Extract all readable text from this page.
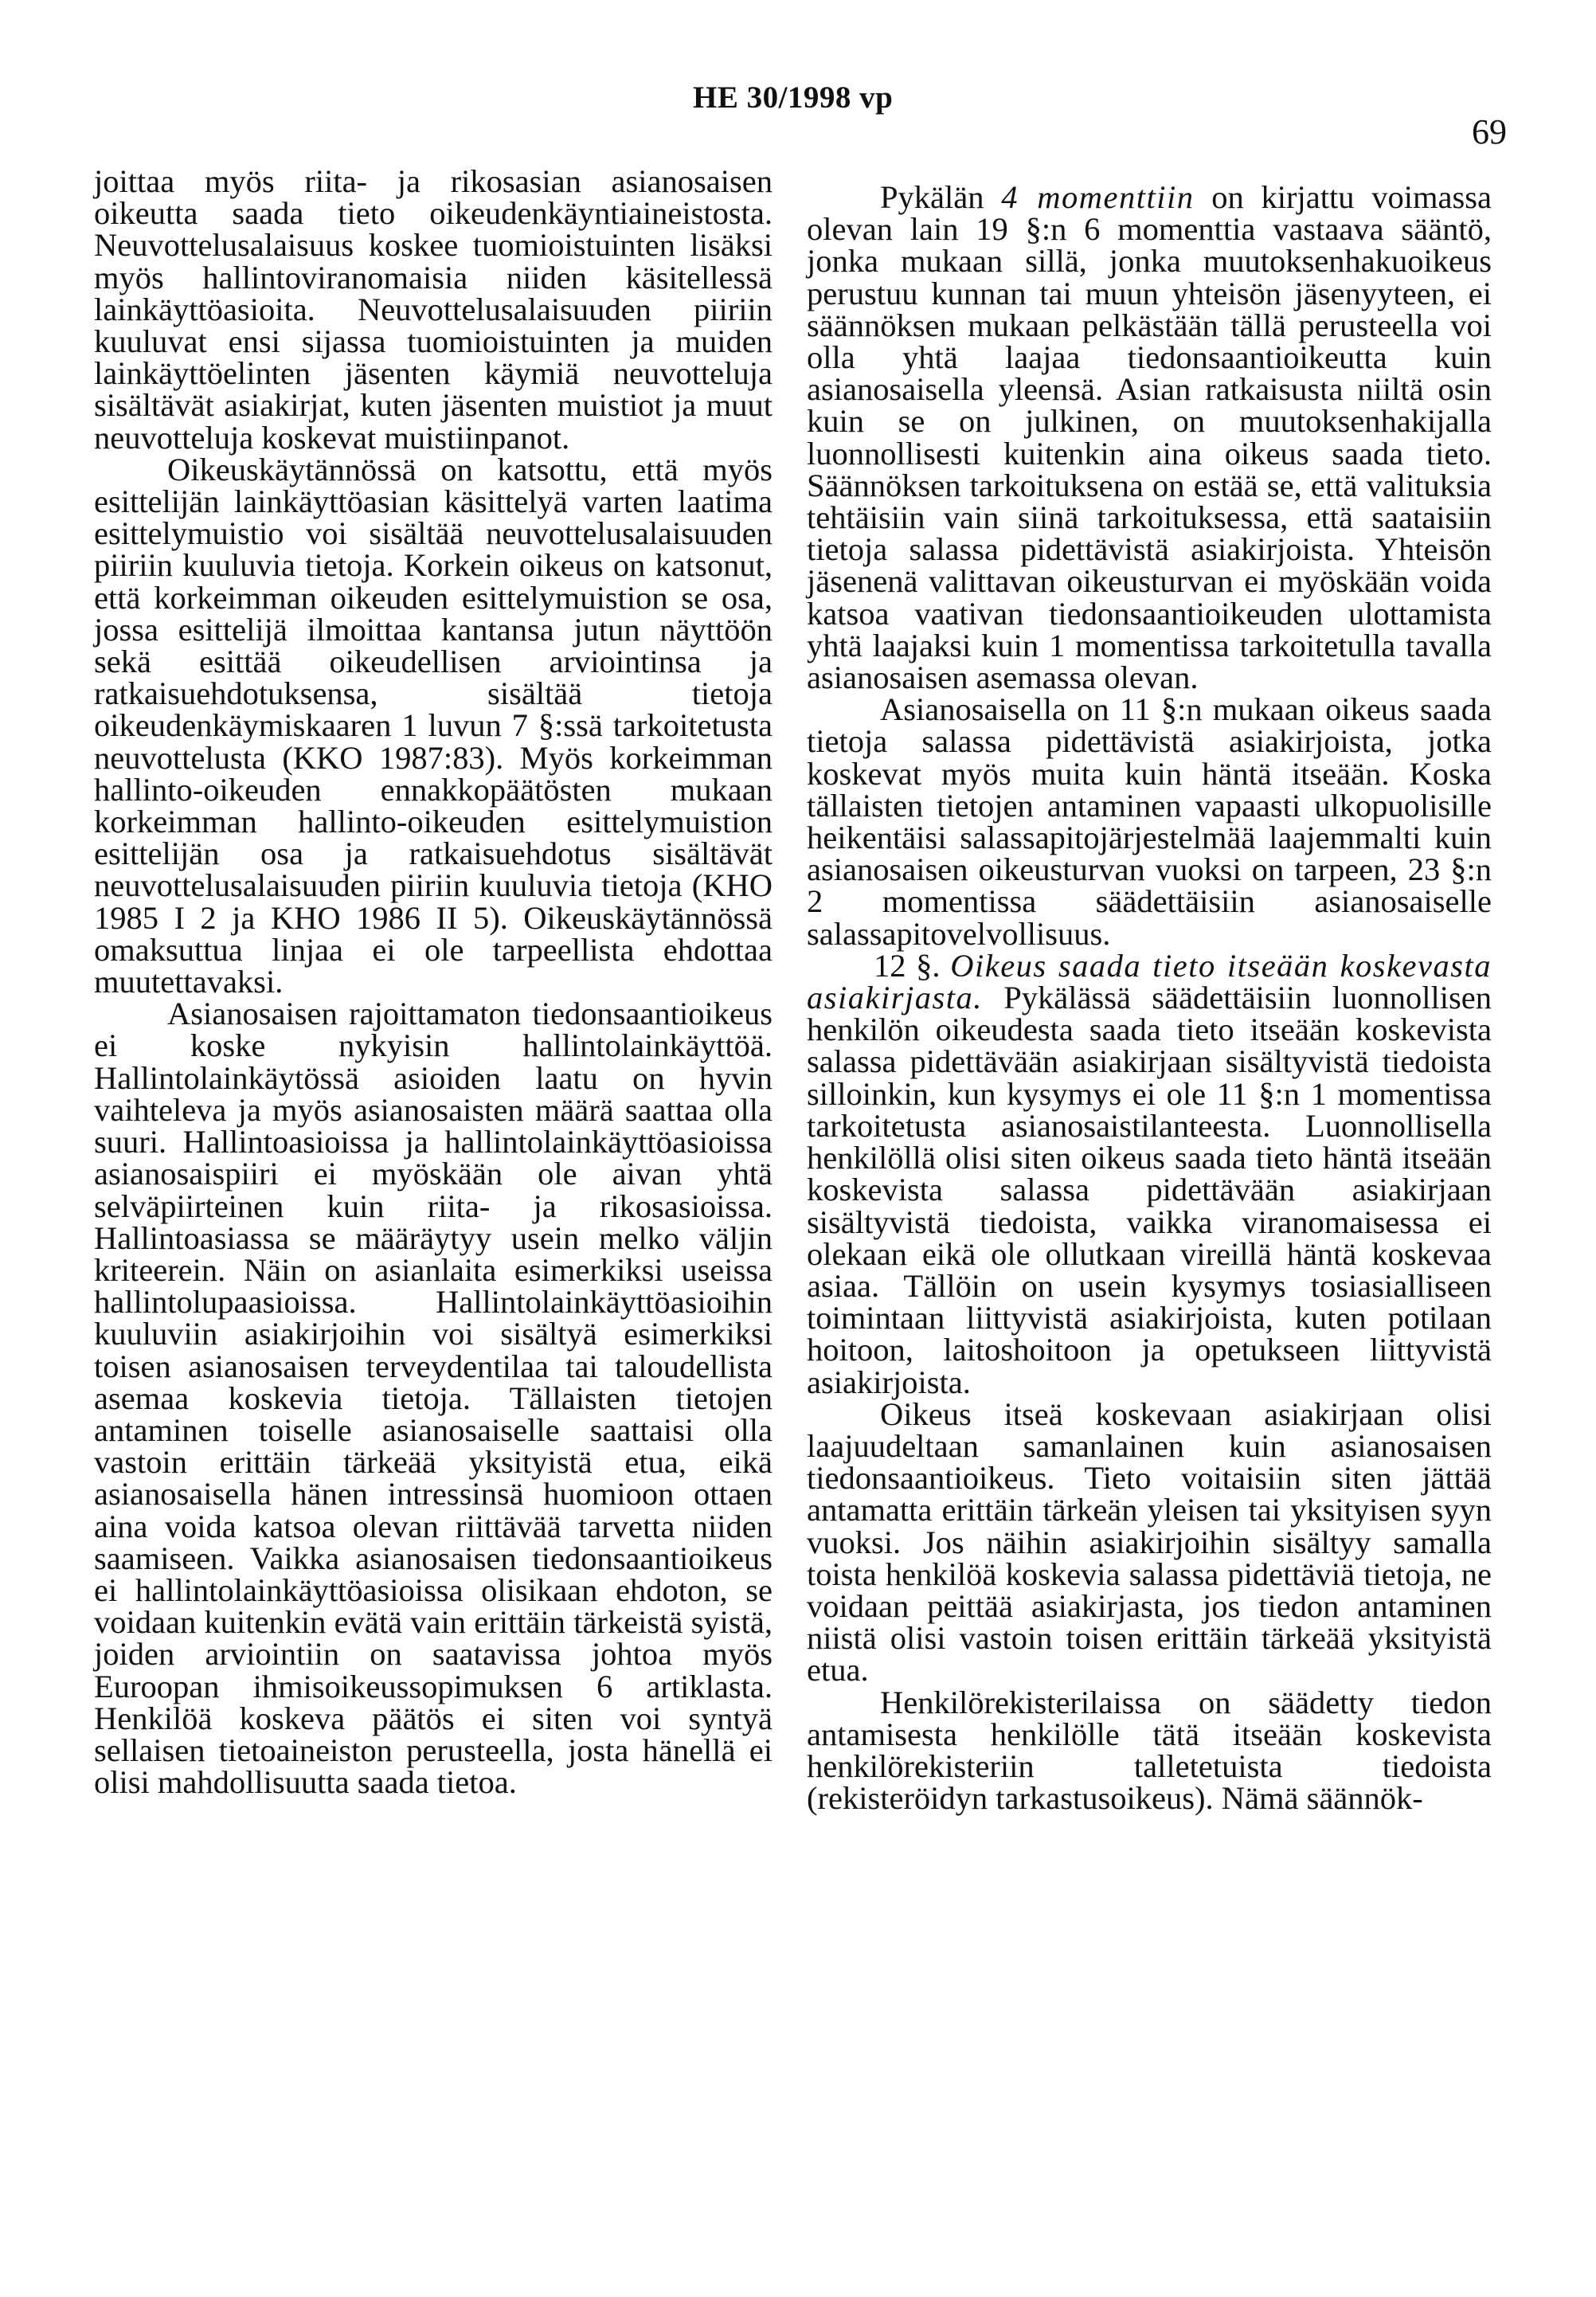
HE 30/1998 vp
69

joittaa myös riita- ja rikosasian asianosaisen oikeutta saada tieto oikeudenkäyntiaineistosta. Neuvottelusalaisuus koskee tuomioistuinten lisäksi myös hallintoviranomaisia niiden käsitellessä lainkäyttöasioita. Neuvottelusalaisuuden piiriin kuuluvat ensi sijassa tuomioistuinten ja muiden lainkäyttöelinten jäsenten käymiä neuvotteluja sisältävät asiakirjat, kuten jäsenten muistiot ja muut neuvotteluja koskevat muistiinpanot.

Oikeuskäytännössä on katsottu, että myös esittelijän lainkäyttöasian käsittelyä varten laatima esittelymuistio voi sisältää neuvottelusalaisuuden piiriin kuuluvia tietoja. Korkein oikeus on katsonut, että korkeimman oikeuden esittelymuistion se osa, jossa esittelijä ilmoittaa kantansa jutun näyttöön sekä esittää oikeudellisen arviointinsa ja ratkaisuehdotuksensa, sisältää tietoja oikeudenkäymiskaaren 1 luvun 7 §:ssä tarkoitetusta neuvottelusta (KKO 1987:83). Myös korkeimman hallinto-oikeuden ennakkopäätösten mukaan korkeimman hallinto-oikeuden esittelymuistion esittelijän osa ja ratkaisuehdotus sisältävät neuvottelusalaisuuden piiriin kuuluvia tietoja (KHO 1985 I 2 ja KHO 1986 II 5). Oikeuskäytännössä omaksuttua linjaa ei ole tarpeellista ehdottaa muutettavaksi.

Asianosaisen rajoittamaton tiedonsaantioikeus ei koske nykyisin hallintolainkäyttöä. Hallintolainkäytössä asioiden laatu on hyvin vaihteleva ja myös asianosaisten määrä saattaa olla suuri. Hallintoasioissa ja hallintolainkäyttöasioissa asianosaispiiri ei myöskään ole aivan yhtä selväpiirteinen kuin riita- ja rikosasioissa. Hallintoasiassa se määräytyy usein melko väljin kriteerein. Näin on asianlaita esimerkiksi useissa hallintolupaasioissa. Hallintolainkäyttöasioihin kuuluviin asiakirjoihin voi sisältyä esimerkiksi toisen asianosaisen terveydentilaa tai taloudellista asemaa koskevia tietoja. Tällaisten tietojen antaminen toiselle asianosaiselle saattaisi olla vastoin erittäin tärkeää yksityistä etua, eikä asianosaisella hänen intressinsä huomioon ottaen aina voida katsoa olevan riittävää tarvetta niiden saamiseen. Vaikka asianosaisen tiedonsaantioikeus ei hallintolainkäyttöasioissa olisikaan ehdoton, se voidaan kuitenkin evätä vain erittäin tärkeistä syistä, joiden arviointiin on saatavissa johtoa myös Euroopan ihmisoikeussopimuksen 6 artiklasta. Henkilöä koskeva päätös ei siten voi syntyä sellaisen tietoaineiston perusteella, josta hänellä ei olisi mahdollisuutta saada tietoa.

Pykälän 4 momenttiin on kirjattu voimassa olevan lain 19 §:n 6 momenttia vastaava sääntö, jonka mukaan sillä, jonka muutoksenhakuoikeus perustuu kunnan tai muun yhteisön jäsenyyteen, ei säännöksen mukaan pelkästään tällä perusteella voi olla yhtä laajaa tiedonsaantioikeutta kuin asianosaisella yleensä. Asian ratkaisusta niiltä osin kuin se on julkinen, on muutoksenhakijalla luonnollisesti kuitenkin aina oikeus saada tieto. Säännöksen tarkoituksena on estää se, että valituksia tehtäisiin vain siinä tarkoituksessa, että saataisiin tietoja salassa pidettävistä asiakirjoista. Yhteisön jäsenenä valittavan oikeusturvan ei myöskään voida katsoa vaativan tiedonsaantioikeuden ulottamista yhtä laajaksi kuin 1 momentissa tarkoitetulla tavalla asianosaisen asemassa olevan.

Asianosaisella on 11 §:n mukaan oikeus saada tietoja salassa pidettävistä asiakirjoista, jotka koskevat myös muita kuin häntä itseään. Koska tällaisten tietojen antaminen vapaasti ulkopuolisille heikentäisi salassapitojärjestelmää laajemmalti kuin asianosaisen oikeusturvan vuoksi on tarpeen, 23 §:n 2 momentissa säädettäisiin asianosaiselle salassapitovelvollisuus.

12 §. Oikeus saada tieto itseään koskevasta asiakirjasta. Pykälässä säädettäisiin luonnollisen henkilön oikeudesta saada tieto itseään koskevista salassa pidettävään asiakirjaan sisältyvistä tiedoista silloinkin, kun kysymys ei ole 11 §:n 1 momentissa tarkoitetusta asianosaistilanteesta. Luonnollisella henkilöllä olisi siten oikeus saada tieto häntä itseään koskevista salassa pidettävään asiakirjaan sisältyvistä tiedoista, vaikka viranomaisessa ei olekaan eikä ole ollutkaan vireillä häntä koskevaa asiaa. Tällöin on usein kysymys tosiasialliseen toimintaan liittyvistä asiakirjoista, kuten potilaan hoitoon, laitoshoitoon ja opetukseen liittyvistä asiakirjoista.

Oikeus itseä koskevaan asiakirjaan olisi laajuudeltaan samanlainen kuin asianosaisen tiedonsaantioikeus. Tieto voitaisiin siten jättää antamatta erittäin tärkeän yleisen tai yksityisen syyn vuoksi. Jos näihin asiakirjoihin sisältyy samalla toista henkilöä koskevia salassa pidettäviä tietoja, ne voidaan peittää asiakirjasta, jos tiedon antaminen niistä olisi vastoin toisen erittäin tärkeää yksityistä etua.

Henkilörekisterilaissa on säädetty tiedon antamisesta henkilölle tätä itseään koskevista henkilörekisteriin talletetuista tiedoista (rekisteröidyn tarkastusoikeus). Nämä säännök-
